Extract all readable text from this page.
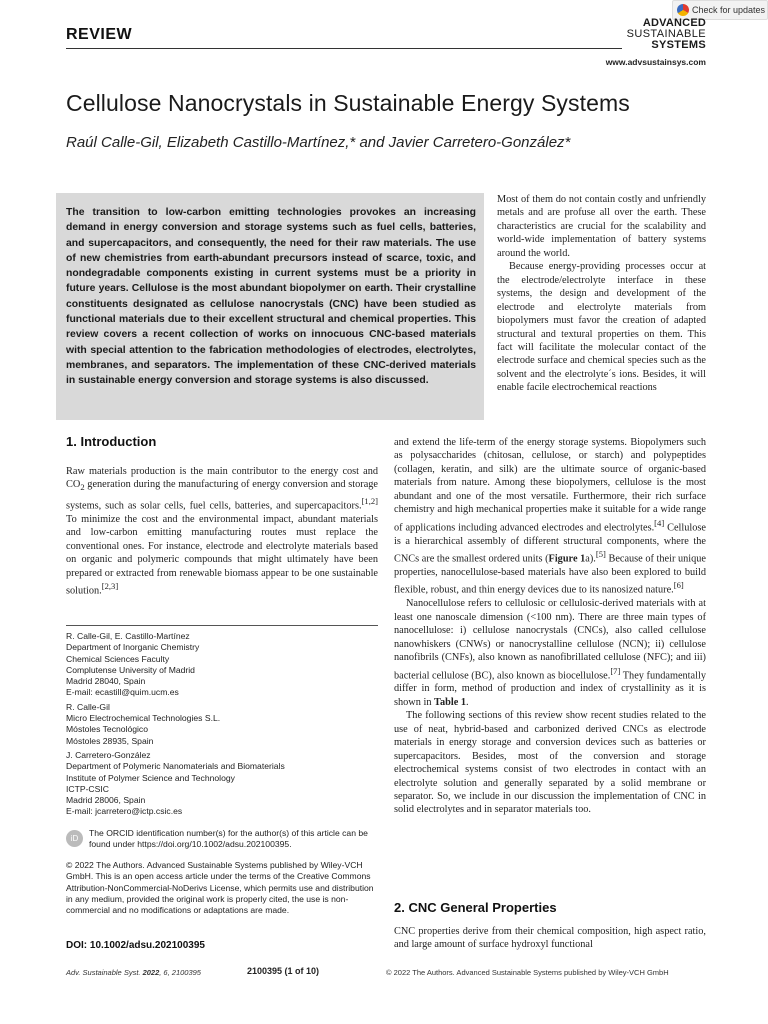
REVIEW
Check for updates
ADVANCED
SUSTAINABLE
SYSTEMS
www.advsustainsys.com
Cellulose Nanocrystals in Sustainable Energy Systems
Raúl Calle-Gil, Elizabeth Castillo-Martínez,* and Javier Carretero-González*
The transition to low-carbon emitting technologies provokes an increasing demand in energy conversion and storage systems such as fuel cells, batteries, and supercapacitors, and consequently, the need for their raw materials. The use of new chemistries from earth-abundant precursors instead of scarce, toxic, and nondegradable components existing in current systems must be a priority in future years. Cellulose is the most abundant biopolymer on earth. Their crystalline constituents designated as cellulose nanocrystals (CNC) have been studied as functional materials due to their excellent structural and chemical properties. This review covers a recent collection of works on innocuous CNC-based materials with special attention to the fabrication methodologies of electrodes, electrolytes, membranes, and separators. The implementation of these CNC-derived materials in sustainable energy conversion and storage systems is also discussed.

Most of them do not contain costly and unfriendly metals and are profuse all over the earth. These characteristics are crucial for the scalability and world-wide implementation of battery systems around the world.

Because energy-providing processes occur at the electrode/electrolyte interface in these systems, the design and development of the electrode and electrolyte materials from biopolymers must favor the creation of adapted structural and textural properties on them. This fact will facilitate the molecular contact of the electrode surface and chemical species such as the solvent and the electrolyte´s ions. Besides, it will enable facile electrochemical reactions

and extend the life-term of the energy storage systems. Biopolymers such as polysaccharides (chitosan, cellulose, or starch) and polypeptides (collagen, keratin, and silk) are the ultimate source of organic-based materials from nature. Among these biopolymers, cellulose is the most abundant and one of the most versatile. Furthermore, their rich surface chemistry and high mechanical properties make it suitable for a wide range of applications including advanced electrodes and electrolytes.[4] Cellulose is a hierarchical assembly of different structural components, where the CNCs are the smallest ordered units (Figure 1a).[5] Because of their unique properties, nanocellulose-based materials have also been explored to build flexible, robust, and thin energy devices due to its nanosized nature.[6]

Nanocellulose refers to cellulosic or cellulosic-derived materials with at least one nanoscale dimension (<100 nm). There are three main types of nanocellulose: i) cellulose nanocrystals (CNCs), also called cellulose nanowhiskers (CNWs) or nanocrystalline cellulose (NCN); ii) cellulose nanofibrils (CNFs), also known as nanofibrillated cellulose (NFC); and iii) bacterial cellulose (BC), also known as biocellulose.[7] They fundamentally differ in form, method of production and index of crystallinity as it is shown in Table 1.

The following sections of this review show recent studies related to the use of neat, hybrid-based and carbonized derived CNCs as electrode materials in energy storage and conversion devices such as batteries or supercapacitors. Besides, most of the conversion and storage electrochemical systems consist of two electrodes in contact with an electrolyte solution and generally separated by a solid membrane or separator. So, we include in our discussion the implementation of CNC in solid electrolytes and in separator materials too.

1. Introduction

Raw materials production is the main contributor to the energy cost and $CO_2$ generation during the manufacturing of energy conversion and storage systems, such as solar cells, fuel cells, batteries, and supercapacitors.[1,2] To minimize the cost and the environmental impact, abundant materials and low-carbon emitting manufacturing routes must replace the conventional ones. For instance, electrode and electrolyte materials based on organic and polymeric compounds that might ultimately have been prepared or extracted from renewable biomass appear to be one sustainable solution.[2,3]

R. Calle-Gil, E. Castillo-Martínez
Department of Inorganic Chemistry
Chemical Sciences Faculty
Complutense University of Madrid
Madrid 28040, Spain
E-mail: ecastill@quim.ucm.es
R. Calle-Gil
Micro Electrochemical Technologies S.L.
Móstoles Tecnológico
Móstoles 28935, Spain
J. Carretero-González
Department of Polymeric Nanomaterials and Biomaterials
Institute of Polymer Science and Technology
ICTP-CSIC
Madrid 28006, Spain
E-mail: jcarretero@ictp.csic.es
iD
The ORCID identification number(s) for the author(s) of this article can be found under https://doi.org/10.1002/adsu.202100395.
© 2022 The Authors. Advanced Sustainable Systems published by Wiley-VCH GmbH. This is an open access article under the terms of the Creative Commons Attribution-NonCommercial-NoDerivs License, which permits use and distribution in any medium, provided the original work is properly cited, the use is non-commercial and no modifications or adaptations are made.
DOI: 10.1002/adsu.202100395
2. CNC General Properties

CNC properties derive from their chemical composition, high aspect ratio, and large amount of surface hydroxyl functional

Adv. Sustainable Syst. 2022, 6, 2100395	2100395 (1 of 10)	© 2022 The Authors. Advanced Sustainable Systems published by Wiley-VCH GmbH
